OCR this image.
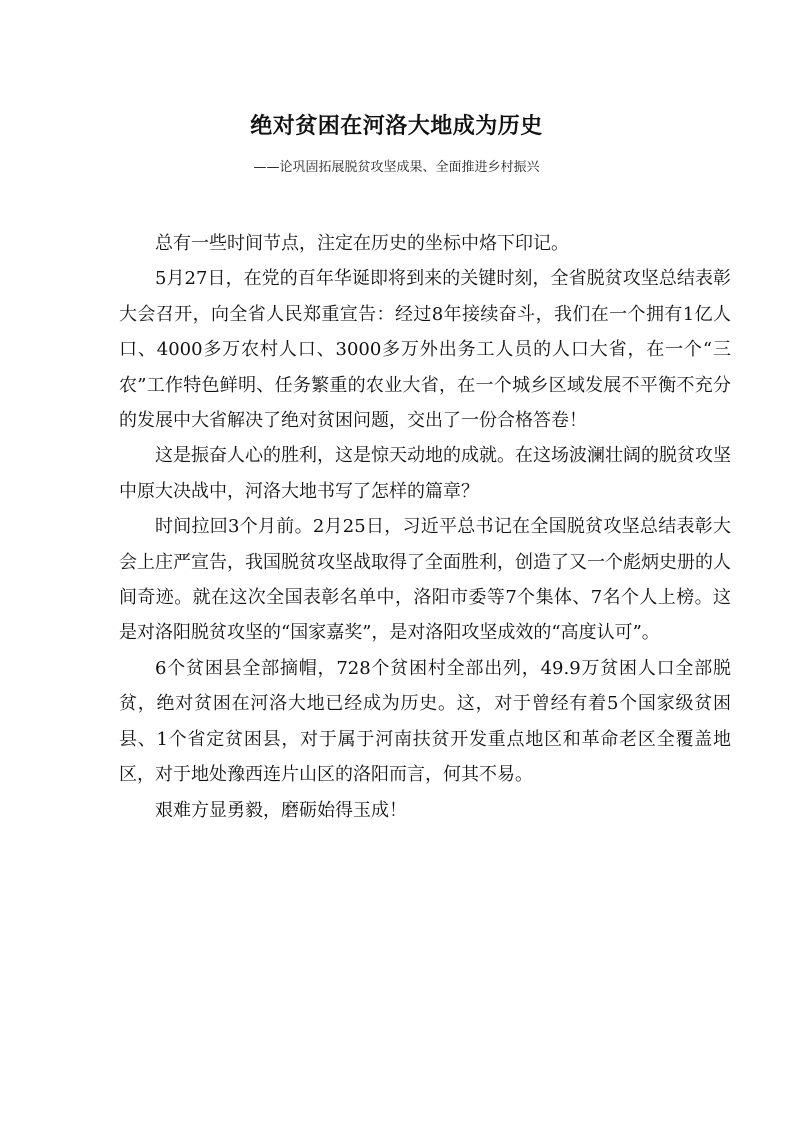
绝对贫困在河洛大地成为历史
——论巩固拓展脱贫攻坚成果、全面推进乡村振兴

总有一些时间节点，注定在历史的坐标中烙下印记。

5月27日，在党的百年华诞即将到来的关键时刻，全省脱贫攻坚总结表彰大会召开，向全省人民郑重宣告：经过8年接续奋斗，我们在一个拥有1亿人口、4000多万农村人口、3000多万外出务工人员的人口大省，在一个“三农”工作特色鲜明、任务繁重的农业大省，在一个城乡区域发展不平衡不充分的发展中大省解决了绝对贫困问题，交出了一份合格答卷！

这是振奋人心的胜利，这是惊天动地的成就。在这场波澜壮阔的脱贫攻坚中原大决战中，河洛大地书写了怎样的篇章？

时间拉回3个月前。2月25日，习近平总书记在全国脱贫攻坚总结表彰大会上庄严宣告，我国脱贫攻坚战取得了全面胜利，创造了又一个彪炳史册的人间奇迹。就在这次全国表彰名单中，洛阳市委等7个集体、7名个人上榜。这是对洛阳脱贫攻坚的“国家嘉奖”，是对洛阳攻坚成效的“高度认可”。

6个贫困县全部摘帽，728个贫困村全部出列，49.9万贫困人口全部脱贫，绝对贫困在河洛大地已经成为历史。这，对于曾经有着5个国家级贫困县、1个省定贫困县，对于属于河南扶贫开发重点地区和革命老区全覆盖地区，对于地处豫西连片山区的洛阳而言，何其不易。

艰难方显勇毅，磨砺始得玉成！
